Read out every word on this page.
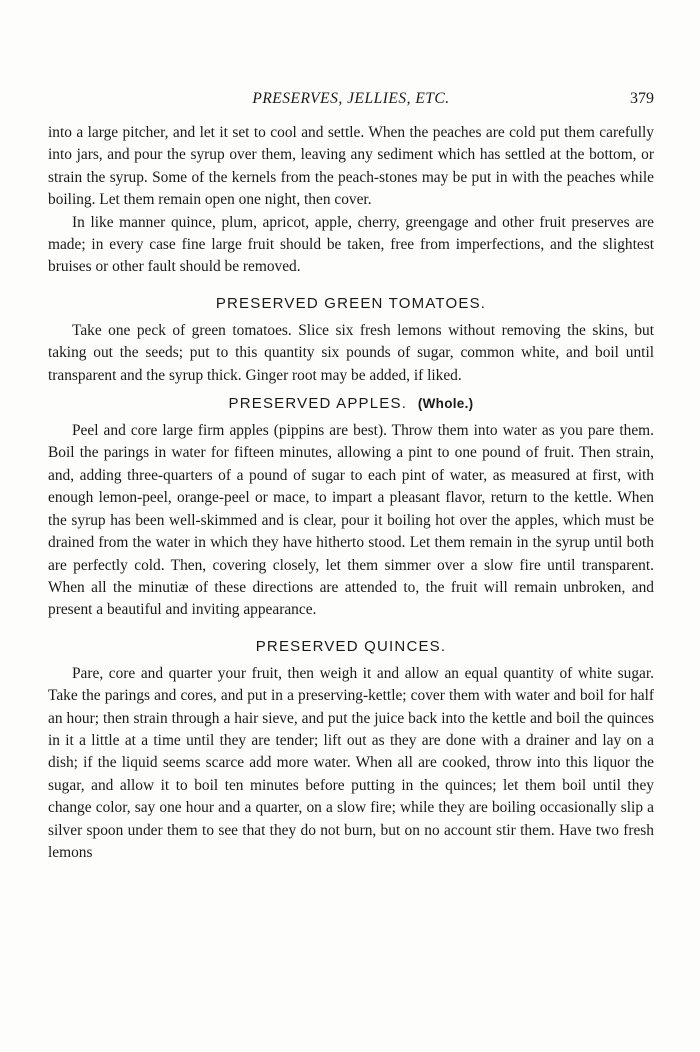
PRESERVES, JELLIES, ETC.	379

into a large pitcher, and let it set to cool and settle. When the peaches are cold put them carefully into jars, and pour the syrup over them, leaving any sediment which has settled at the bottom, or strain the syrup. Some of the kernels from the peach-stones may be put in with the peaches while boiling. Let them remain open one night, then cover.

In like manner quince, plum, apricot, apple, cherry, greengage and other fruit preserves are made; in every case fine large fruit should be taken, free from imperfections, and the slightest bruises or other fault should be removed.

PRESERVED GREEN TOMATOES.

Take one peck of green tomatoes. Slice six fresh lemons without removing the skins, but taking out the seeds; put to this quantity six pounds of sugar, common white, and boil until transparent and the syrup thick. Ginger root may be added, if liked.

PRESERVED APPLES. (Whole.)

Peel and core large firm apples (pippins are best). Throw them into water as you pare them. Boil the parings in water for fifteen minutes, allowing a pint to one pound of fruit. Then strain, and, adding three-quarters of a pound of sugar to each pint of water, as measured at first, with enough lemon-peel, orange-peel or mace, to impart a pleasant flavor, return to the kettle. When the syrup has been well-skimmed and is clear, pour it boiling hot over the apples, which must be drained from the water in which they have hitherto stood. Let them remain in the syrup until both are perfectly cold. Then, covering closely, let them simmer over a slow fire until transparent. When all the minutiæ of these directions are attended to, the fruit will remain unbroken, and present a beautiful and inviting appearance.

PRESERVED QUINCES.

Pare, core and quarter your fruit, then weigh it and allow an equal quantity of white sugar. Take the parings and cores, and put in a preserving-kettle; cover them with water and boil for half an hour; then strain through a hair sieve, and put the juice back into the kettle and boil the quinces in it a little at a time until they are tender; lift out as they are done with a drainer and lay on a dish; if the liquid seems scarce add more water. When all are cooked, throw into this liquor the sugar, and allow it to boil ten minutes before putting in the quinces; let them boil until they change color, say one hour and a quarter, on a slow fire; while they are boiling occasionally slip a silver spoon under them to see that they do not burn, but on no account stir them. Have two fresh lemons
